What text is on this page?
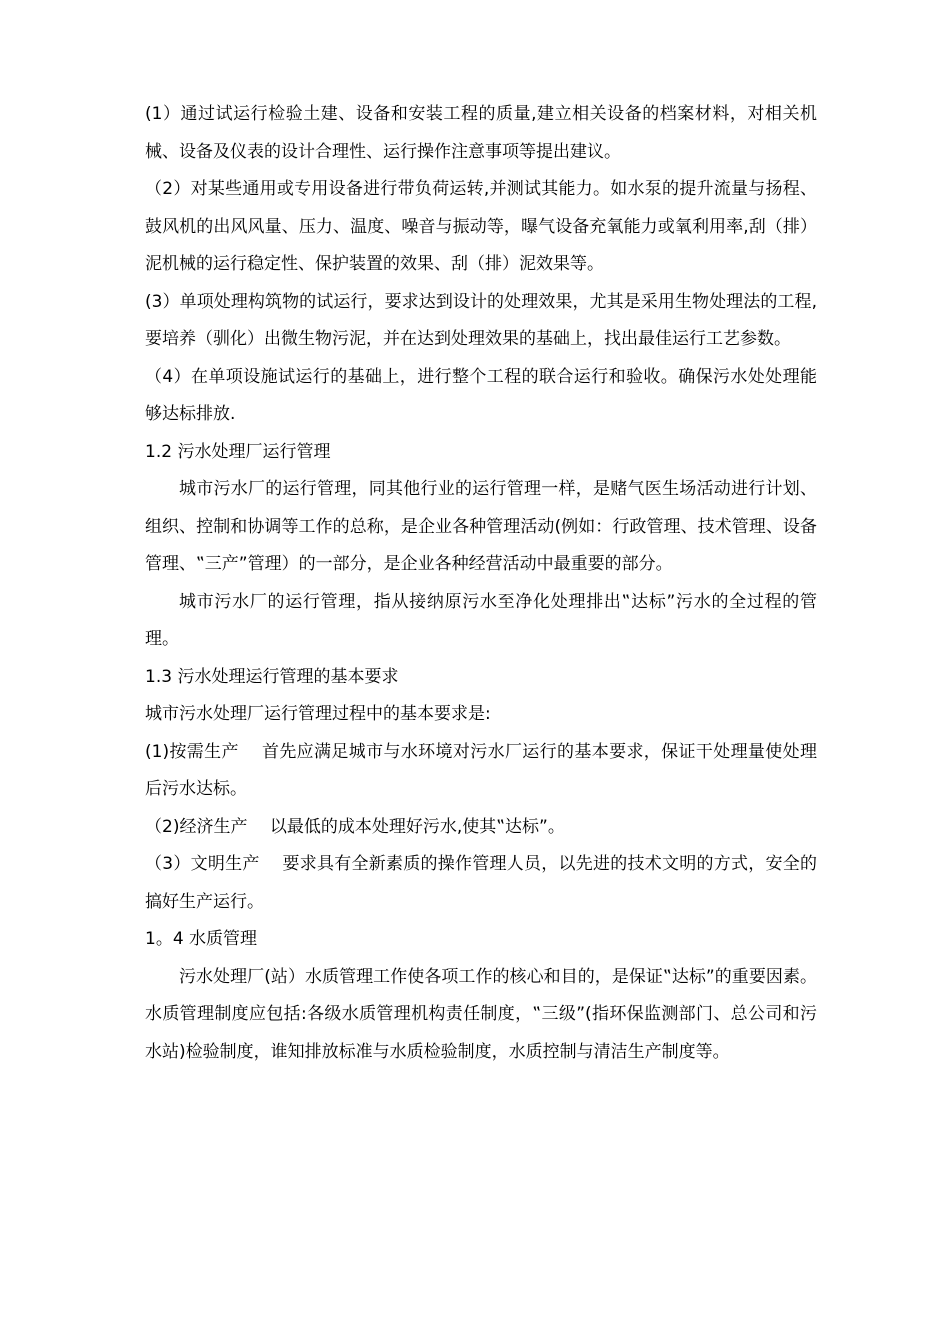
(1）通过试运行检验土建、设备和安装工程的质量,建立相关设备的档案材料，对相关机械、设备及仪表的设计合理性、运行操作注意事项等提出建议。

（2）对某些通用或专用设备进行带负荷运转,并测试其能力。如水泵的提升流量与扬程、鼓风机的出风风量、压力、温度、噪音与振动等，曝气设备充氧能力或氧利用率,刮（排）泥机械的运行稳定性、保护装置的效果、刮（排）泥效果等。

(3）单项处理构筑物的试运行，要求达到设计的处理效果，尤其是采用生物处理法的工程,要培养（驯化）出微生物污泥，并在达到处理效果的基础上，找出最佳运行工艺参数。

（4）在单项设施试运行的基础上，进行整个工程的联合运行和验收。确保污水处处理能够达标排放.

1.2 污水处理厂运行管理

城市污水厂的运行管理，同其他行业的运行管理一样，是赌气医生场活动进行计划、组织、控制和协调等工作的总称，是企业各种管理活动(例如：行政管理、技术管理、设备管理、‟三产”管理）的一部分，是企业各种经营活动中最重要的部分。

城市污水厂的运行管理，指从接纳原污水至净化处理排出‟达标”污水的全过程的管理。

1.3 污水处理运行管理的基本要求

城市污水处理厂运行管理过程中的基本要求是:

(1)按需生产　 首先应满足城市与水环境对污水厂运行的基本要求，保证干处理量使处理后污水达标。

（2)经济生产　 以最低的成本处理好污水,使其‟达标”。

（3）文明生产　 要求具有全新素质的操作管理人员，以先进的技术文明的方式，安全的搞好生产运行。

1。4 水质管理

污水处理厂(站）水质管理工作使各项工作的核心和目的，是保证‟达标”的重要因素。水质管理制度应包括:各级水质管理机构责任制度，‟三级”(指环保监测部门、总公司和污水站)检验制度，谁知排放标准与水质检验制度，水质控制与清洁生产制度等。
